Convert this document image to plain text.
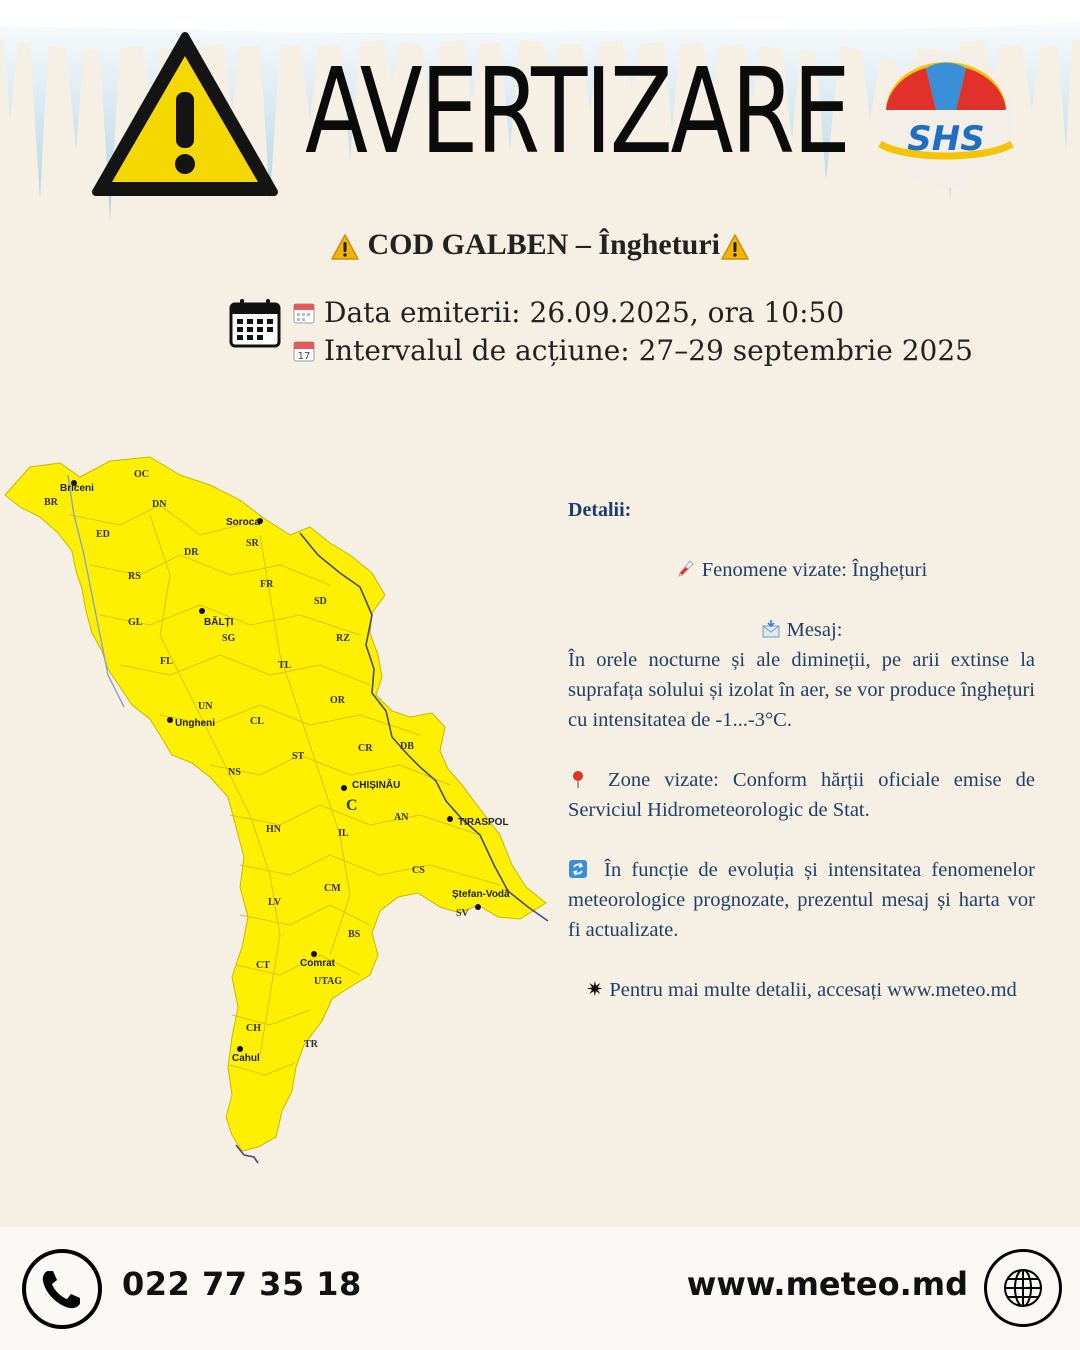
AVERTIZARE SHS
COD GALBEN – Îngheturi
Data emiterii: 26.09.2025, ora 10:50
17 Intervalul de acțiune: 27–29 septembrie 2025
Briceni
Soroca
BĂLȚI
Ungheni
CHIȘINĂU
TIRASPOL
Ștefan-Vodă
Comrat
Cahul
OC
BR	DN
ED
DR
SR
RS
FR
GL
SG
SD
FL	TL
RZ
UN
OR
CL
DB
CR
ST
NS
C
AN
HN	IL
CS
SV
CM
LV
BS
CT
UTAG
CH
TR

Detalii:

Fenomene vizate: Înghețuri

Mesaj:

În orele nocturne și ale dimineții, pe arii extinse la suprafața solului și izolat în aer, se vor produce înghețuri cu intensitatea de -1...-3°C.

Zone vizate: Conform hărții oficiale emise de Serviciul Hidrometeorologic de Stat.

În funcție de evoluția și intensitatea fenomenelor meteorologice prognozate, prezentul mesaj și harta vor fi actualizate.

✷ Pentru mai multe detalii, accesați www.meteo.md

022 77 35 18	www.meteo.md
